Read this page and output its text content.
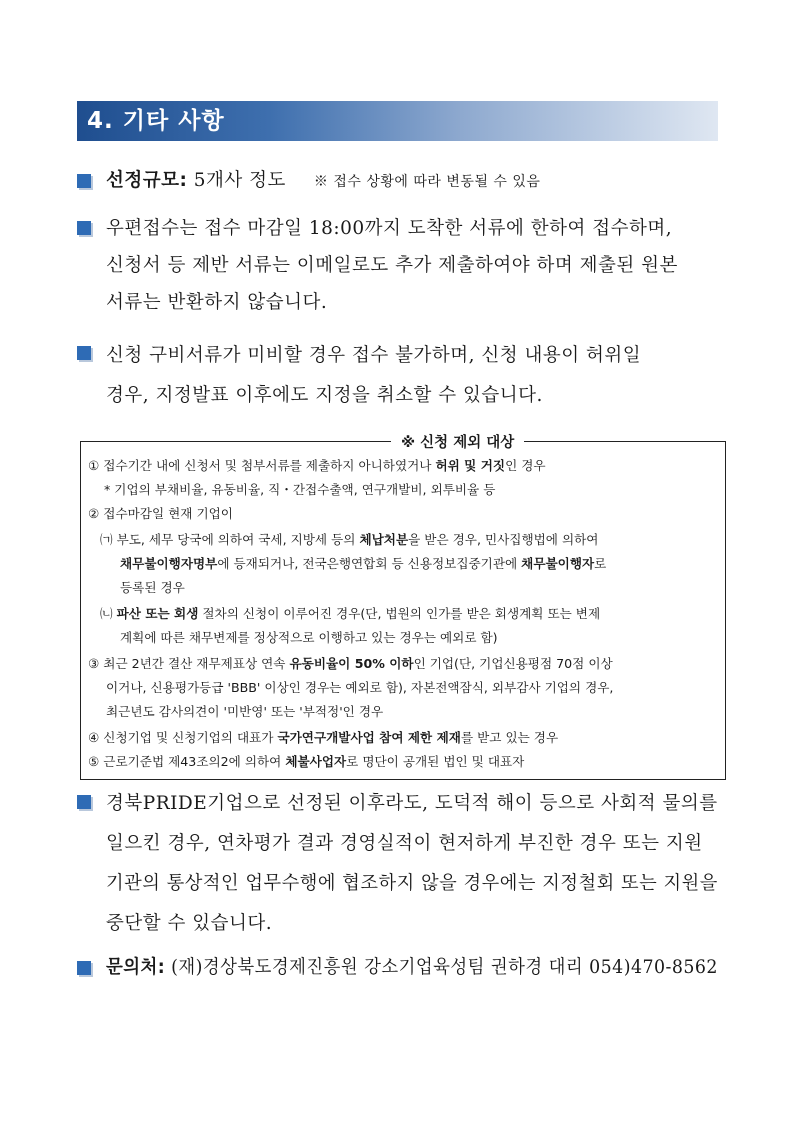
4. 기타 사항
선정규모: 5개사 정도 ※ 접수 상황에 따라 변동될 수 있음
우편접수는 접수 마감일 18:00까지 도착한 서류에 한하여 접수하며,
신청서 등 제반 서류는 이메일로도 추가 제출하여야 하며 제출된 원본
서류는 반환하지 않습니다.
신청 구비서류가 미비할 경우 접수 불가하며, 신청 내용이 허위일
경우, 지정발표 이후에도 지정을 취소할 수 있습니다.
※ 신청 제외 대상
① 접수기간 내에 신청서 및 첨부서류를 제출하지 아니하였거나 허위 및 거짓인 경우
* 기업의 부채비율, 유동비율, 직・간접수출액, 연구개발비, 외투비율 등
② 접수마감일 현재 기업이
㈀ 부도, 세무 당국에 의하여 국세, 지방세 등의 체납처분을 받은 경우, 민사집행법에 의하여
채무불이행자명부에 등재되거나, 전국은행연합회 등 신용정보집중기관에 채무불이행자로
등록된 경우
㈁ 파산 또는 회생 절차의 신청이 이루어진 경우(단, 법원의 인가를 받은 회생계획 또는 변제
계획에 따른 채무변제를 정상적으로 이행하고 있는 경우는 예외로 함)
③ 최근 2년간 결산 재무제표상 연속 유동비율이 50% 이하인 기업(단, 기업신용평점 70점 이상
이거나, 신용평가등급 'BBB' 이상인 경우는 예외로 함), 자본전액잠식, 외부감사 기업의 경우,
최근년도 감사의견이 '미반영' 또는 '부적정'인 경우
④ 신청기업 및 신청기업의 대표가 국가연구개발사업 참여 제한 제재를 받고 있는 경우
⑤ 근로기준법 제43조의2에 의하여 체불사업자로 명단이 공개된 법인 및 대표자
경북PRIDE기업으로 선정된 이후라도, 도덕적 해이 등으로 사회적 물의를
일으킨 경우, 연차평가 결과 경영실적이 현저하게 부진한 경우 또는 지원
기관의 통상적인 업무수행에 협조하지 않을 경우에는 지정철회 또는 지원을
중단할 수 있습니다.
문의처: (재)경상북도경제진흥원 강소기업육성팀 권하경 대리 054)470-8562
